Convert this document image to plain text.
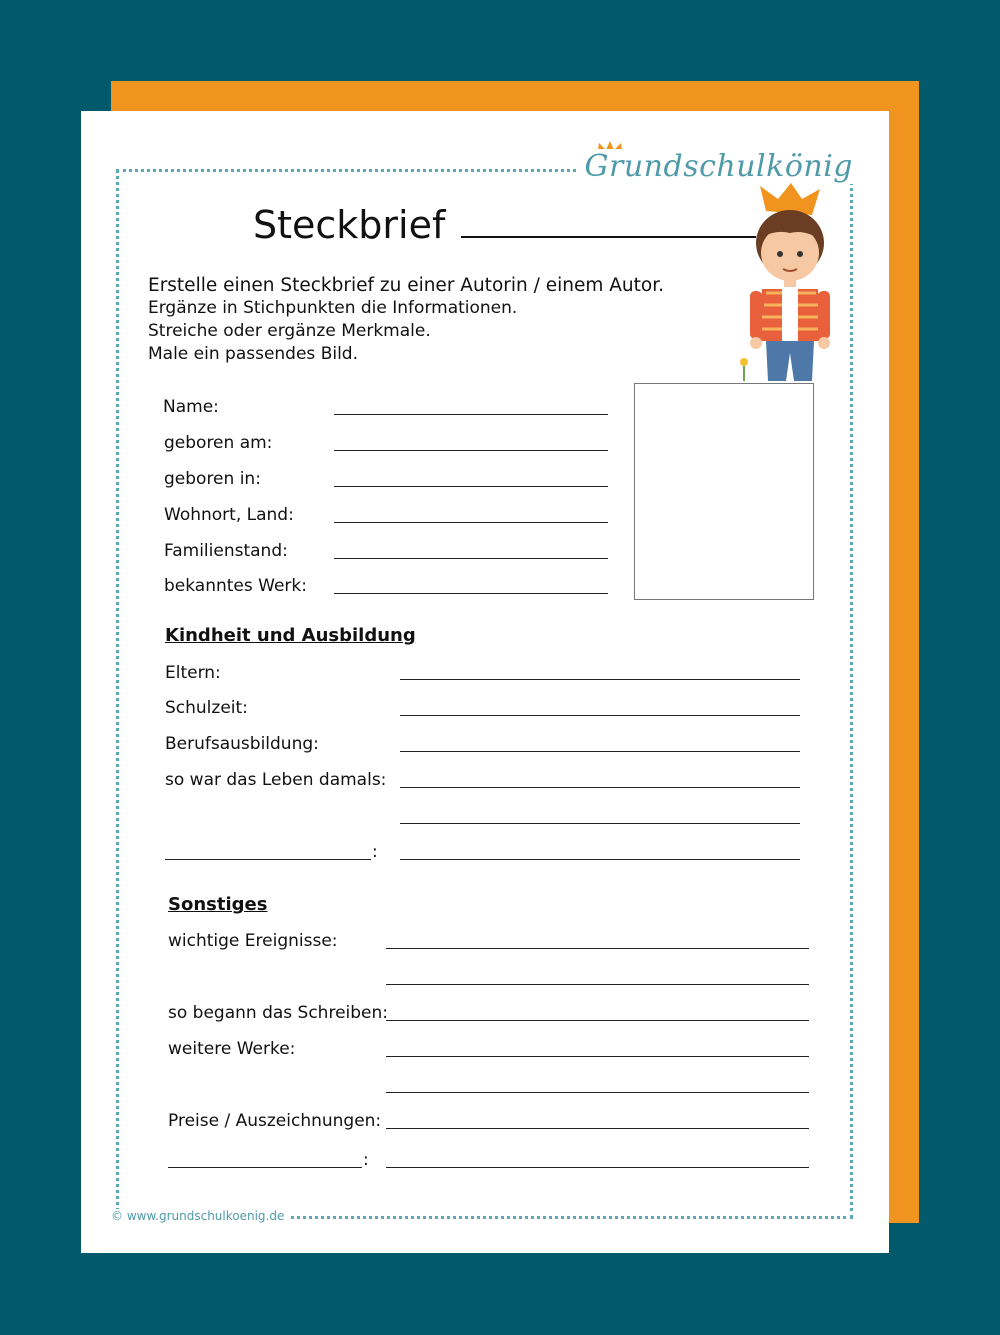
Grundschulkönig
Steckbrief
Erstelle einen Steckbrief zu einer Autorin / einem Autor.
Ergänze in Stichpunkten die Informationen.
Streiche oder ergänze Merkmale.
Male ein passendes Bild.
Name:
geboren am:
geboren in:
Wohnort, Land:
Familienstand:
bekanntes Werk:
Kindheit und Ausbildung
Eltern:
Schulzeit:
Berufsausbildung:
so war das Leben damals:
:
Sonstiges
wichtige Ereignisse:
so begann das Schreiben:
weitere Werke:
Preise / Auszeichnungen:
:
© www.grundschulkoenig.de
